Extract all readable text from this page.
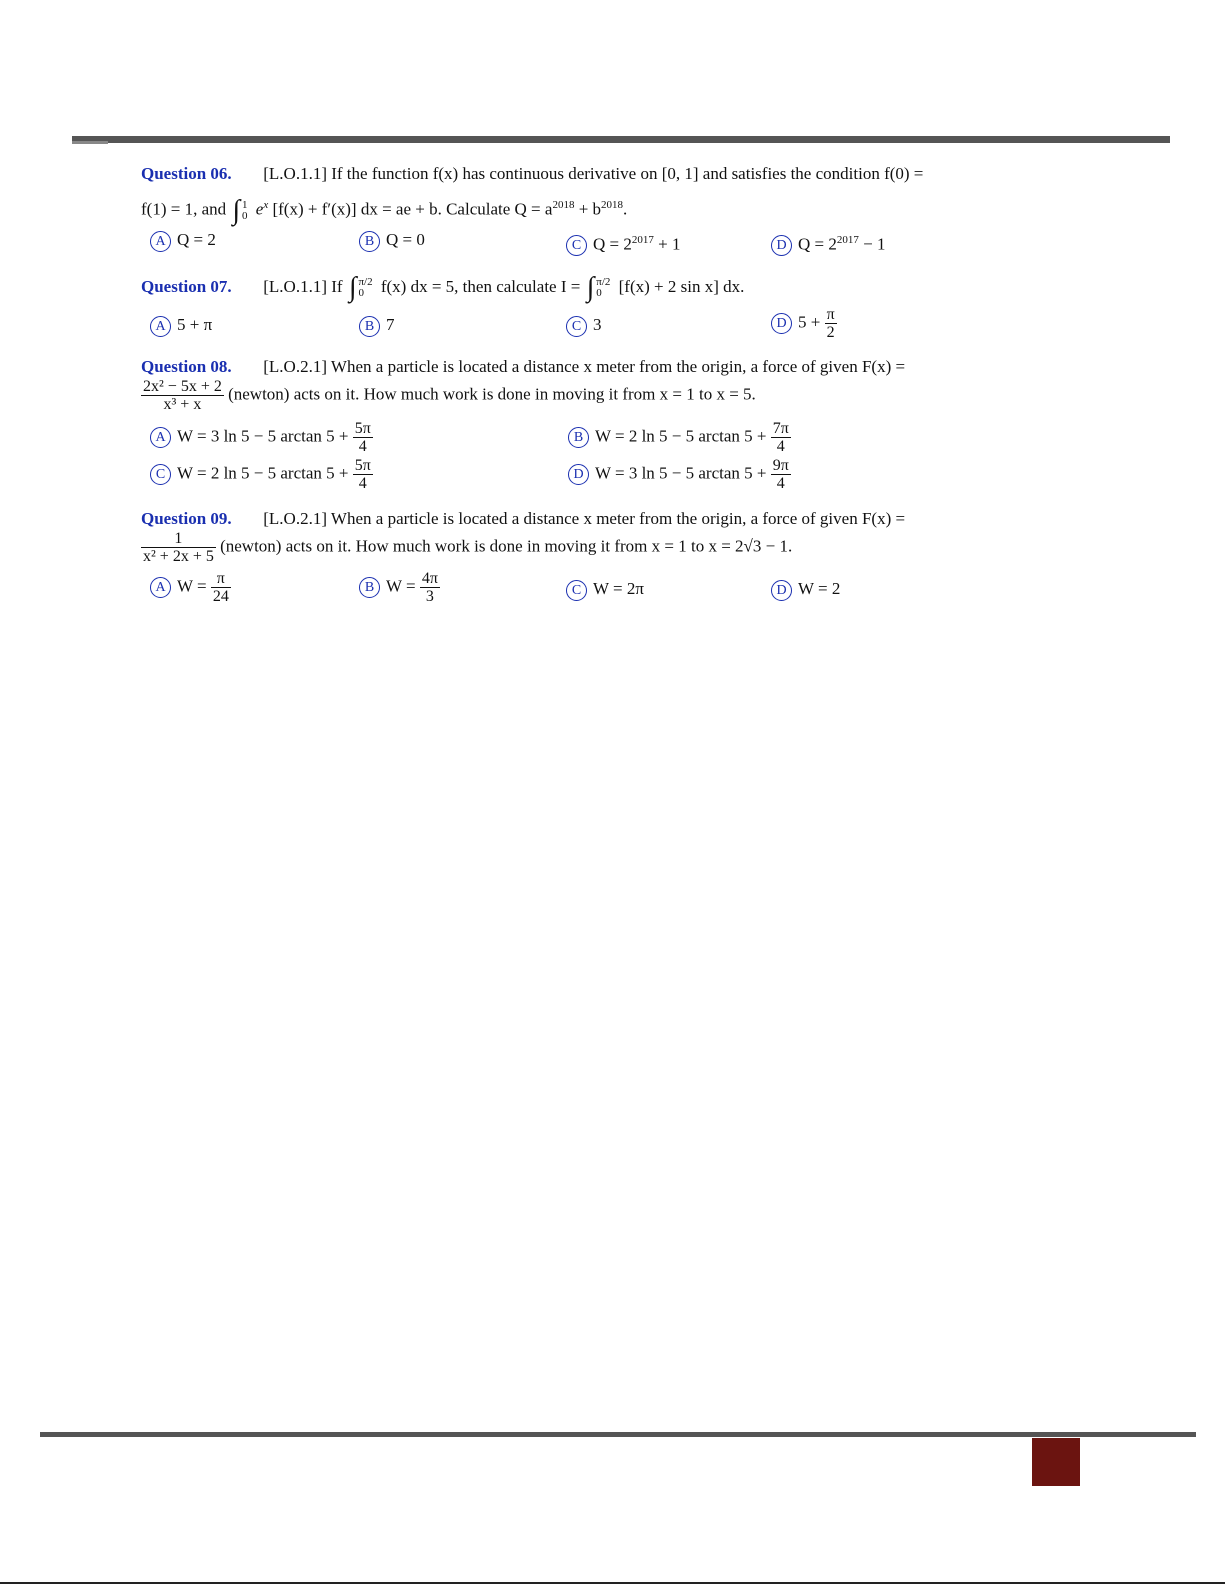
Question 06. [L.O.1.1] If the function f(x) has continuous derivative on [0, 1] and satisfies the condition f(0) =
f(1) = 1, and ∫ 1
0 $e^x$ [f(x) + f′(x)] dx = ae + b. Calculate $Q = a^{2018} + b^{2018}$.
A Q = 2	B Q = 0	C $Q = 2^{2017} + 1$	D $Q = 2^{2017} - 1$
Question 07. [L.O.1.1] If ∫ π/2
0 f(x) dx = 5, then calculate I = ∫ π/2
0 [f(x) + 2 sin x] dx.
A 5 + π	B 7	C 3	D $5 + \frac{\pi}{2}$
Question 08. [L.O.2.1] When a particle is located a distance x meter from the origin, a force of given F(x) =
$\frac{\text{2x² − 5x + 2}}{\text{x³ + x}}$ (newton) acts on it. How much work is done in moving it from x = 1 to x = 5.
A W = 3 ln 5 − 5 $\arctan 5 + \frac{5\pi}{4}$	B W = 2 ln 5 − 5 $\arctan 5 + \frac{7\pi}{4}$
C W = 2 ln 5 − 5 $\arctan 5 + \frac{5\pi}{4}$	D W = 3 ln 5 − 5 $\arctan 5 + \frac{9\pi}{4}$
Question 09. [L.O.2.1] When a particle is located a distance x meter from the origin, a force of given F(x) =
$\frac{1}{\text{x² + 2x + 5}}$ (newton) acts on it. How much work is done in moving it from x = 1 to x = 2√3 − 1.
A $W = \frac{\pi}{24}$	B $W = \frac{4\pi}{3}$	C W = 2π	D W = 2
